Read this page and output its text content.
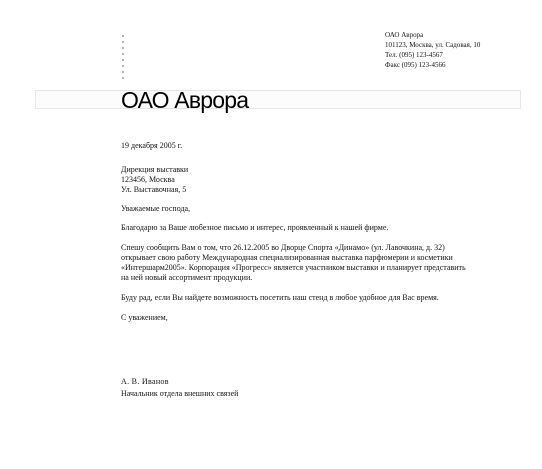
ОАО Аврора
101123, Москва, ул. Садовая, 10
Тел. (095) 123-4567
Факс (095) 123-4566
ОАО Аврора

19 декабря 2005 г.

Дирекция выставки

123456, Москва

Ул. Выставочная, 5

Уважаемые господа,

Благодарю за Ваше любезное письмо и интерес, проявленный к нашей фирме.

Спешу сообщить Вам о том, что 26.12.2005 во Дворце Спорта «Динамо» (ул. Лавочкина, д. 32) открывает свою работу Международная специализированная выставка парфюмерии и косметики «Интершарм2005». Корпорация «Прогресс» является участником выставки и планирует представить на ней новый ассортимент продукции.

Буду рад, если Вы найдете возможность посетить наш стенд в любое удобное для Вас время.

С уважением,

А. В. Иванов
Начальник отдела внешних связей
